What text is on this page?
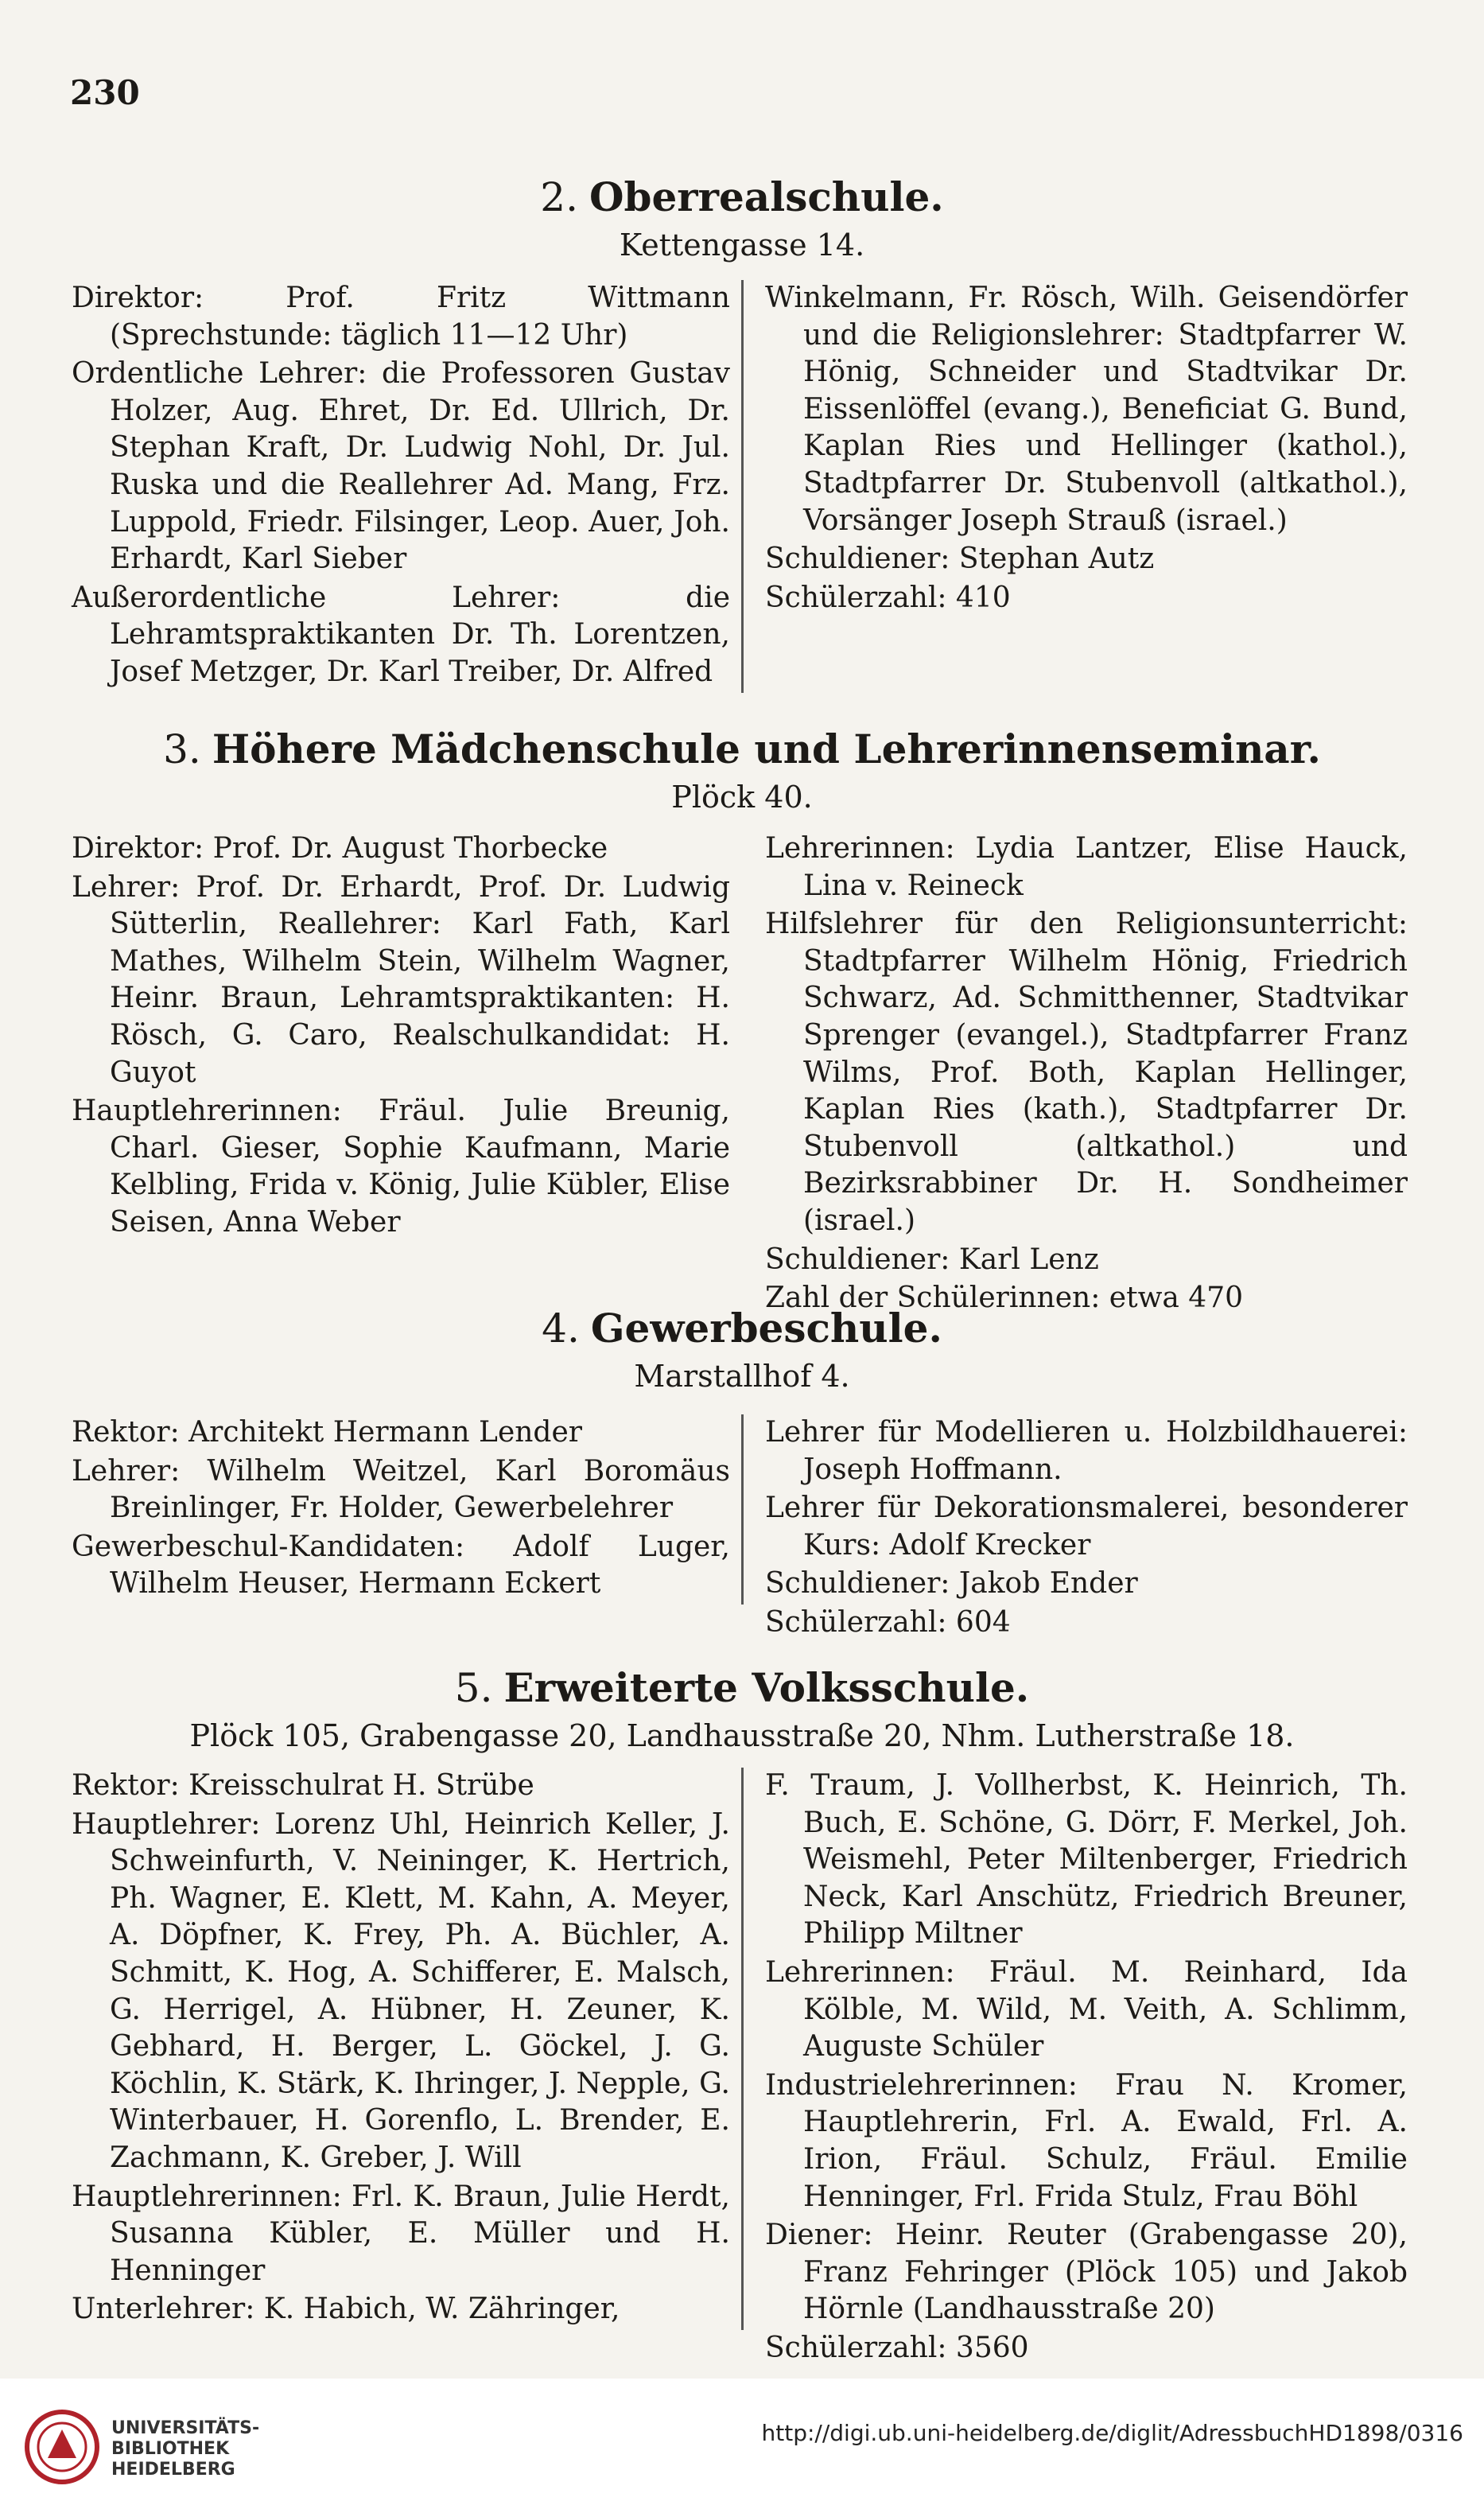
230
2. Oberrealschule.
Kettengasse 14.

Direktor: Prof. Fritz Wittmann (Sprechstunde: täglich 11—12 Uhr)

Ordentliche Lehrer: die Professoren Gustav Holzer, Aug. Ehret, Dr. Ed. Ullrich, Dr. Stephan Kraft, Dr. Ludwig Nohl, Dr. Jul. Ruska und die Reallehrer Ad. Mang, Frz. Luppold, Friedr. Filsinger, Leop. Auer, Joh. Erhardt, Karl Sieber

Außerordentliche Lehrer: die Lehramtspraktikanten Dr. Th. Lorentzen, Josef Metzger, Dr. Karl Treiber, Dr. Alfred

Winkelmann, Fr. Rösch, Wilh. Geisendörfer und die Religionslehrer: Stadtpfarrer W. Hönig, Schneider und Stadtvikar Dr. Eissenlöffel (evang.), Beneficiat G. Bund, Kaplan Ries und Hellinger (kathol.), Stadtpfarrer Dr. Stubenvoll (altkathol.), Vorsänger Joseph Strauß (israel.)

Schuldiener: Stephan Autz

Schülerzahl: 410

3. Höhere Mädchenschule und Lehrerinnenseminar.
Plöck 40.

Direktor: Prof. Dr. August Thorbecke

Lehrer: Prof. Dr. Erhardt, Prof. Dr. Ludwig Sütterlin, Reallehrer: Karl Fath, Karl Mathes, Wilhelm Stein, Wilhelm Wagner, Heinr. Braun, Lehramtspraktikanten: H. Rösch, G. Caro, Realschulkandidat: H. Guyot

Hauptlehrerinnen: Fräul. Julie Breunig, Charl. Gieser, Sophie Kaufmann, Marie Kelbling, Frida v. König, Julie Kübler, Elise Seisen, Anna Weber

Lehrerinnen: Lydia Lantzer, Elise Hauck, Lina v. Reineck

Hilfslehrer für den Religionsunterricht: Stadtpfarrer Wilhelm Hönig, Friedrich Schwarz, Ad. Schmitthenner, Stadtvikar Sprenger (evangel.), Stadtpfarrer Franz Wilms, Prof. Both, Kaplan Hellinger, Kaplan Ries (kath.), Stadtpfarrer Dr. Stubenvoll (altkathol.) und Bezirksrabbiner Dr. H. Sondheimer (israel.)

Schuldiener: Karl Lenz

Zahl der Schülerinnen: etwa 470

4. Gewerbeschule.
Marstallhof 4.

Rektor: Architekt Hermann Lender

Lehrer: Wilhelm Weitzel, Karl Boromäus Breinlinger, Fr. Holder, Gewerbelehrer

Gewerbeschul-Kandidaten: Adolf Luger, Wilhelm Heuser, Hermann Eckert

Lehrer für Modellieren u. Holzbildhauerei: Joseph Hoffmann.

Lehrer für Dekorationsmalerei, besonderer Kurs: Adolf Krecker

Schuldiener: Jakob Ender

Schülerzahl: 604

5. Erweiterte Volksschule.
Plöck 105, Grabengasse 20, Landhausstraße 20, Nhm. Lutherstraße 18.

Rektor: Kreisschulrat H. Strübe

Hauptlehrer: Lorenz Uhl, Heinrich Keller, J. Schweinfurth, V. Neininger, K. Hertrich, Ph. Wagner, E. Klett, M. Kahn, A. Meyer, A. Döpfner, K. Frey, Ph. A. Büchler, A. Schmitt, K. Hog, A. Schifferer, E. Malsch, G. Herrigel, A. Hübner, H. Zeuner, K. Gebhard, H. Berger, L. Göckel, J. G. Köchlin, K. Stärk, K. Ihringer, J. Nepple, G. Winterbauer, H. Gorenflo, L. Brender, E. Zachmann, K. Greber, J. Will

Hauptlehrerinnen: Frl. K. Braun, Julie Herdt, Susanna Kübler, E. Müller und H. Henninger

Unterlehrer: K. Habich, W. Zähringer,

F. Traum, J. Vollherbst, K. Heinrich, Th. Buch, E. Schöne, G. Dörr, F. Merkel, Joh. Weismehl, Peter Miltenberger, Friedrich Neck, Karl Anschütz, Friedrich Breuner, Philipp Miltner

Lehrerinnen: Fräul. M. Reinhard, Ida Kölble, M. Wild, M. Veith, A. Schlimm, Auguste Schüler

Industrielehrerinnen: Frau N. Kromer, Hauptlehrerin, Frl. A. Ewald, Frl. A. Irion, Fräul. Schulz, Fräul. Emilie Henninger, Frl. Frida Stulz, Frau Böhl

Diener: Heinr. Reuter (Grabengasse 20), Franz Fehringer (Plöck 105) und Jakob Hörnle (Landhausstraße 20)

Schülerzahl: 3560

UNIVERSITÄTS-
BIBLIOTHEK
HEIDELBERG
http://digi.ub.uni-heidelberg.de/diglit/AdressbuchHD1898/0316
